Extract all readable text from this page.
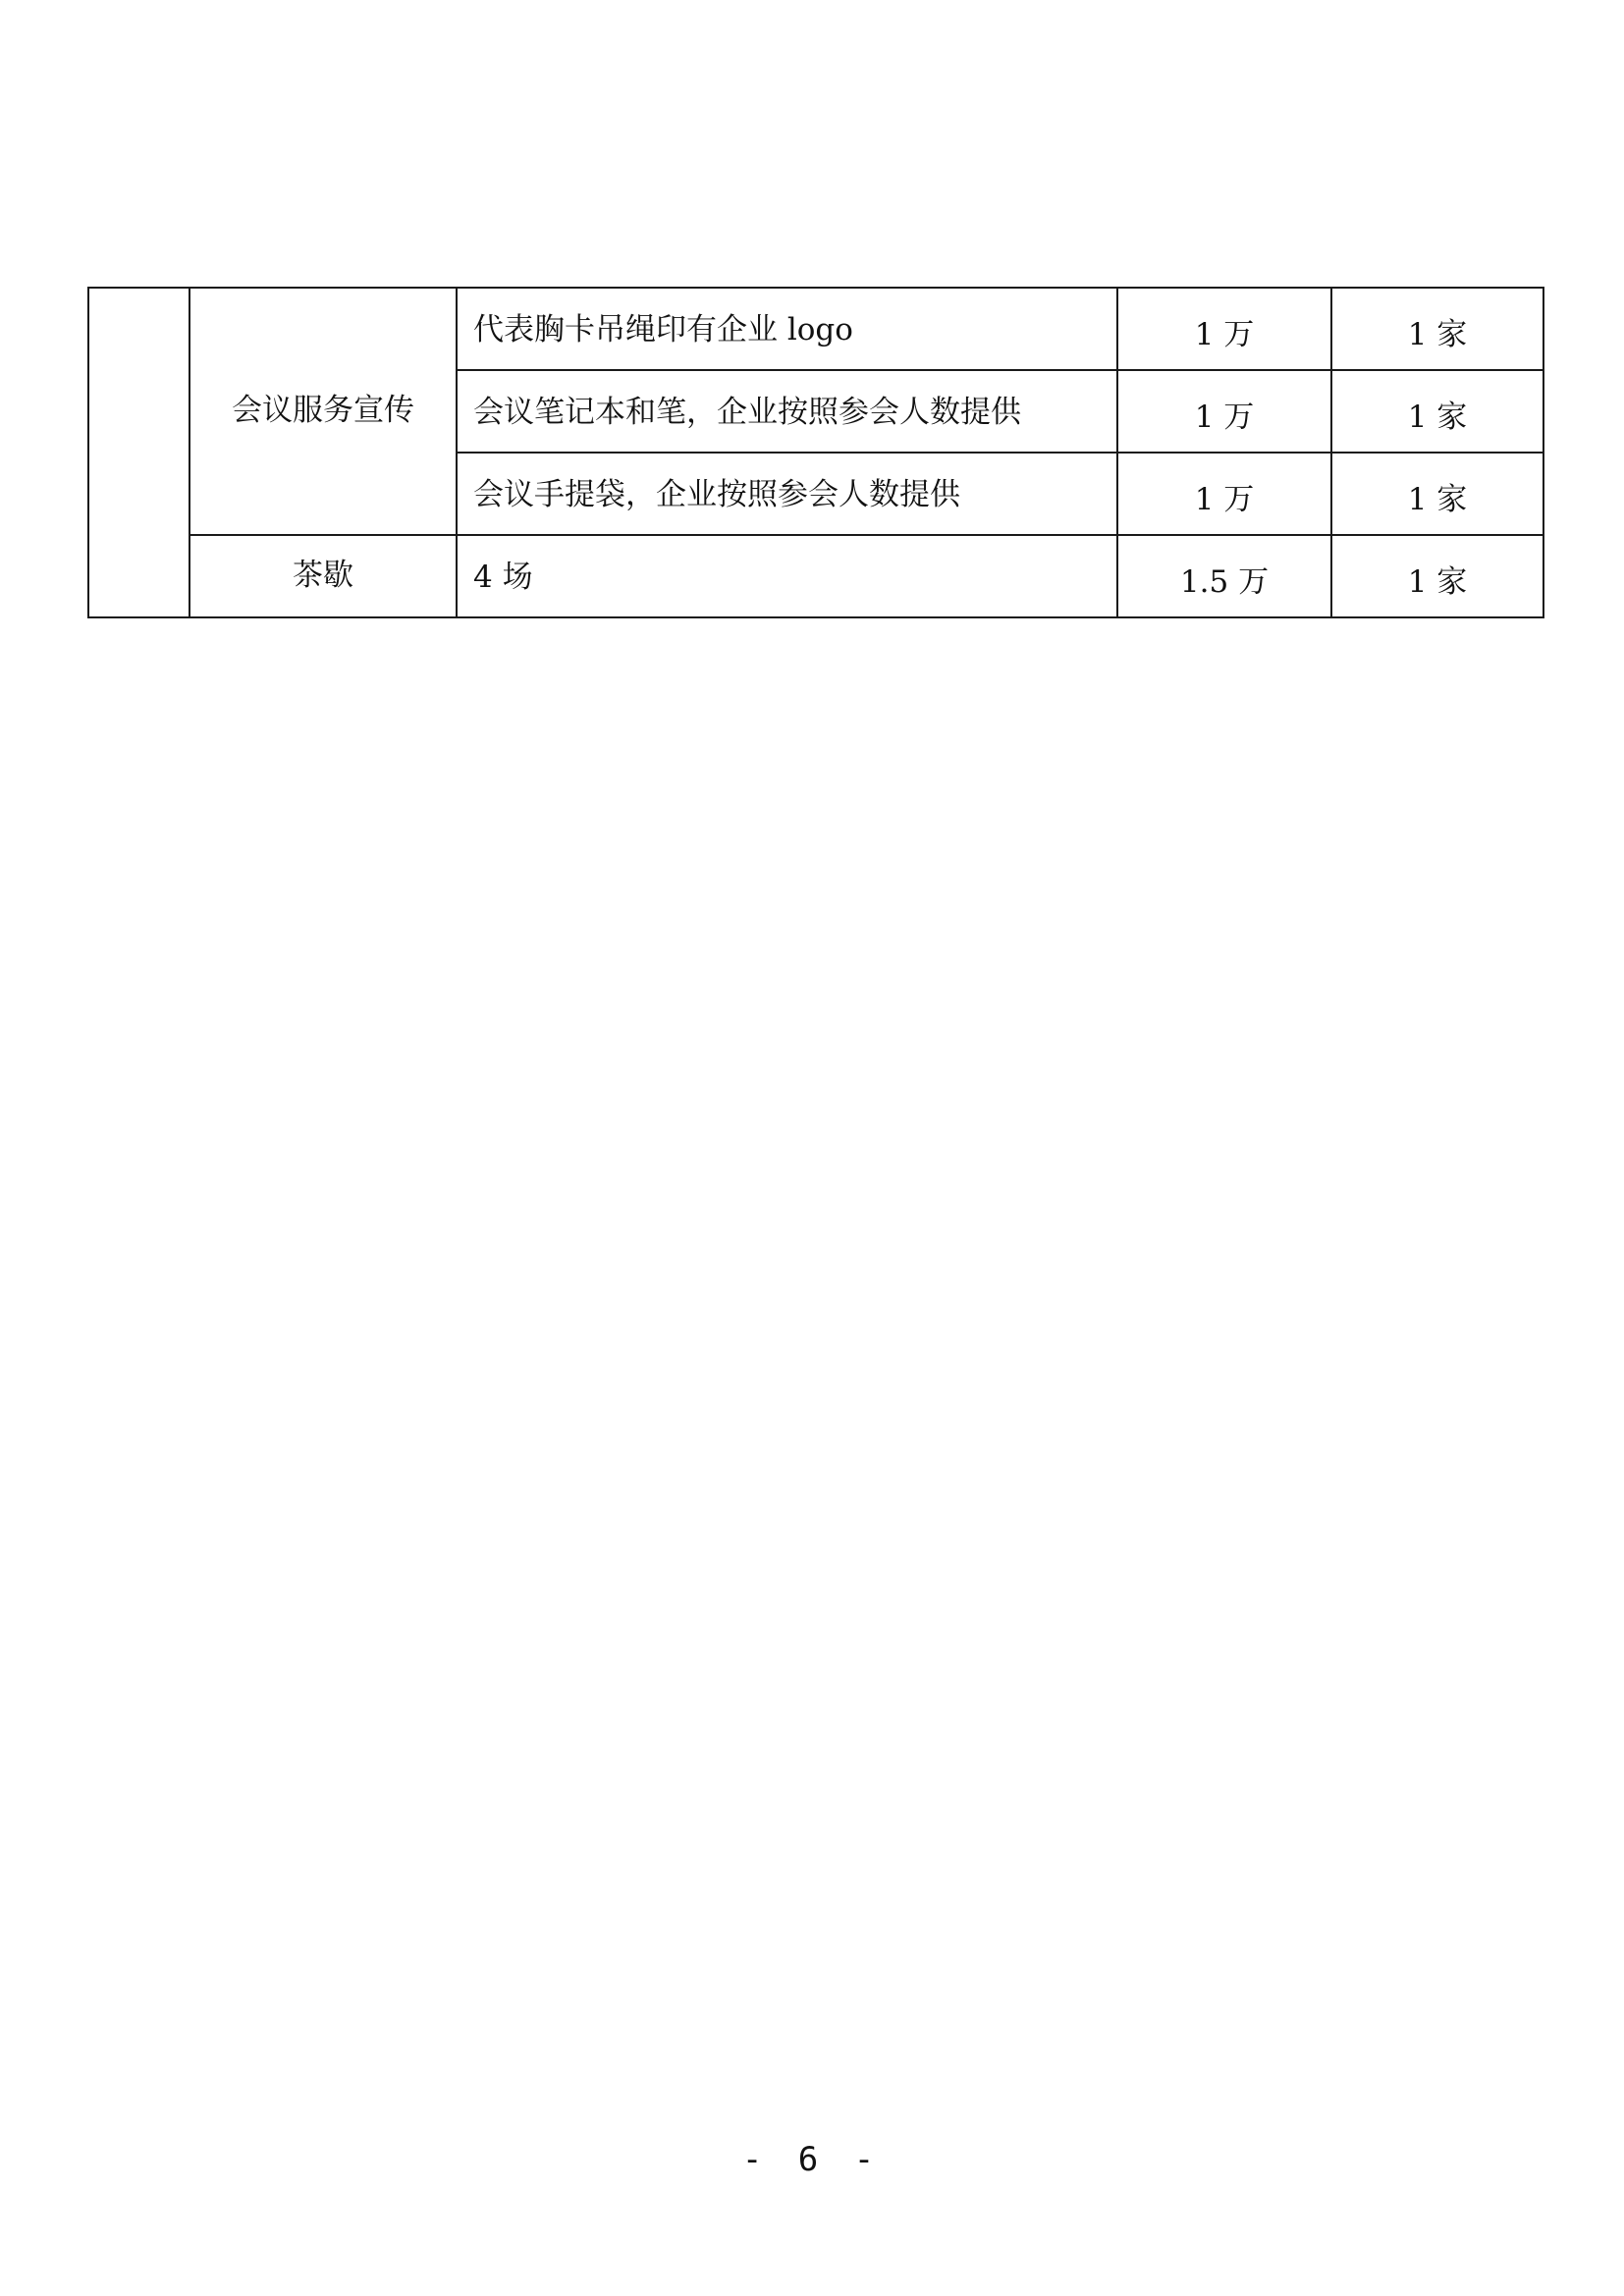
	会议服务宣传	代表胸卡吊绳印有企业 logo	1 万	1 家
		会议笔记本和笔，企业按照参会人数提供	1 万	1 家
		会议手提袋，企业按照参会人数提供	1 万	1 家
	茶歇	4 场	1.5 万	1 家
- 6 -
